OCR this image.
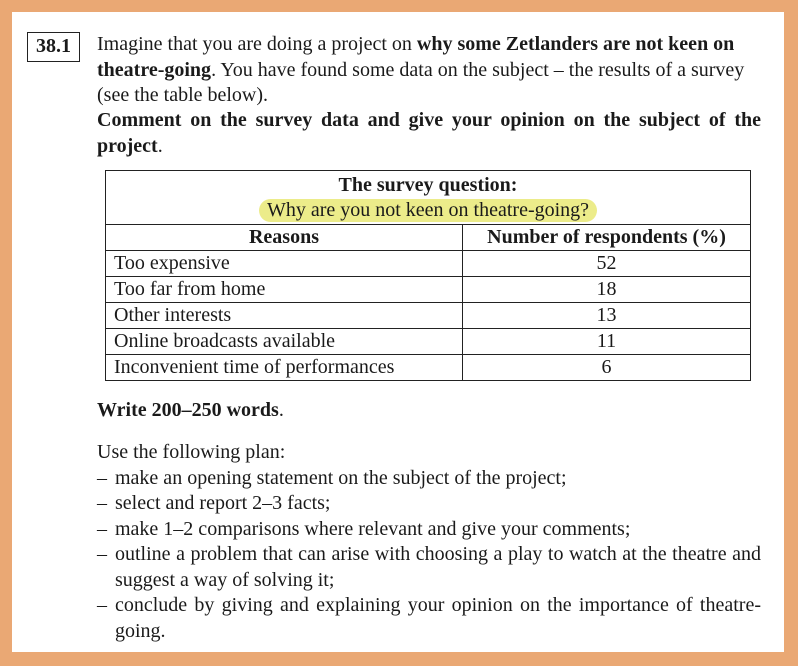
38.1	Imagine that you are doing a project on why some Zetlanders are not keen on theatre-going. You have found some data on the subject – the results of a survey (see the table below).

Comment on the survey data and give your opinion on the subject of the project.

The survey question:
Why are you not keen on theatre-going?	
Reasons	Number of respondents (%)
Too expensive	52
Too far from home	18
Other interests	13
Online broadcasts available	11
Inconvenient time of performances	6

Write 200–250 words.

Use the following plan:
– make an opening statement on the subject of the project;
– select and report 2–3 facts;
– make 1–2 comparisons where relevant and give your comments;
– outline a problem that can arise with choosing a play to watch at the theatre and suggest a way of solving it;
– conclude by giving and explaining your opinion on the importance of theatre-going.
